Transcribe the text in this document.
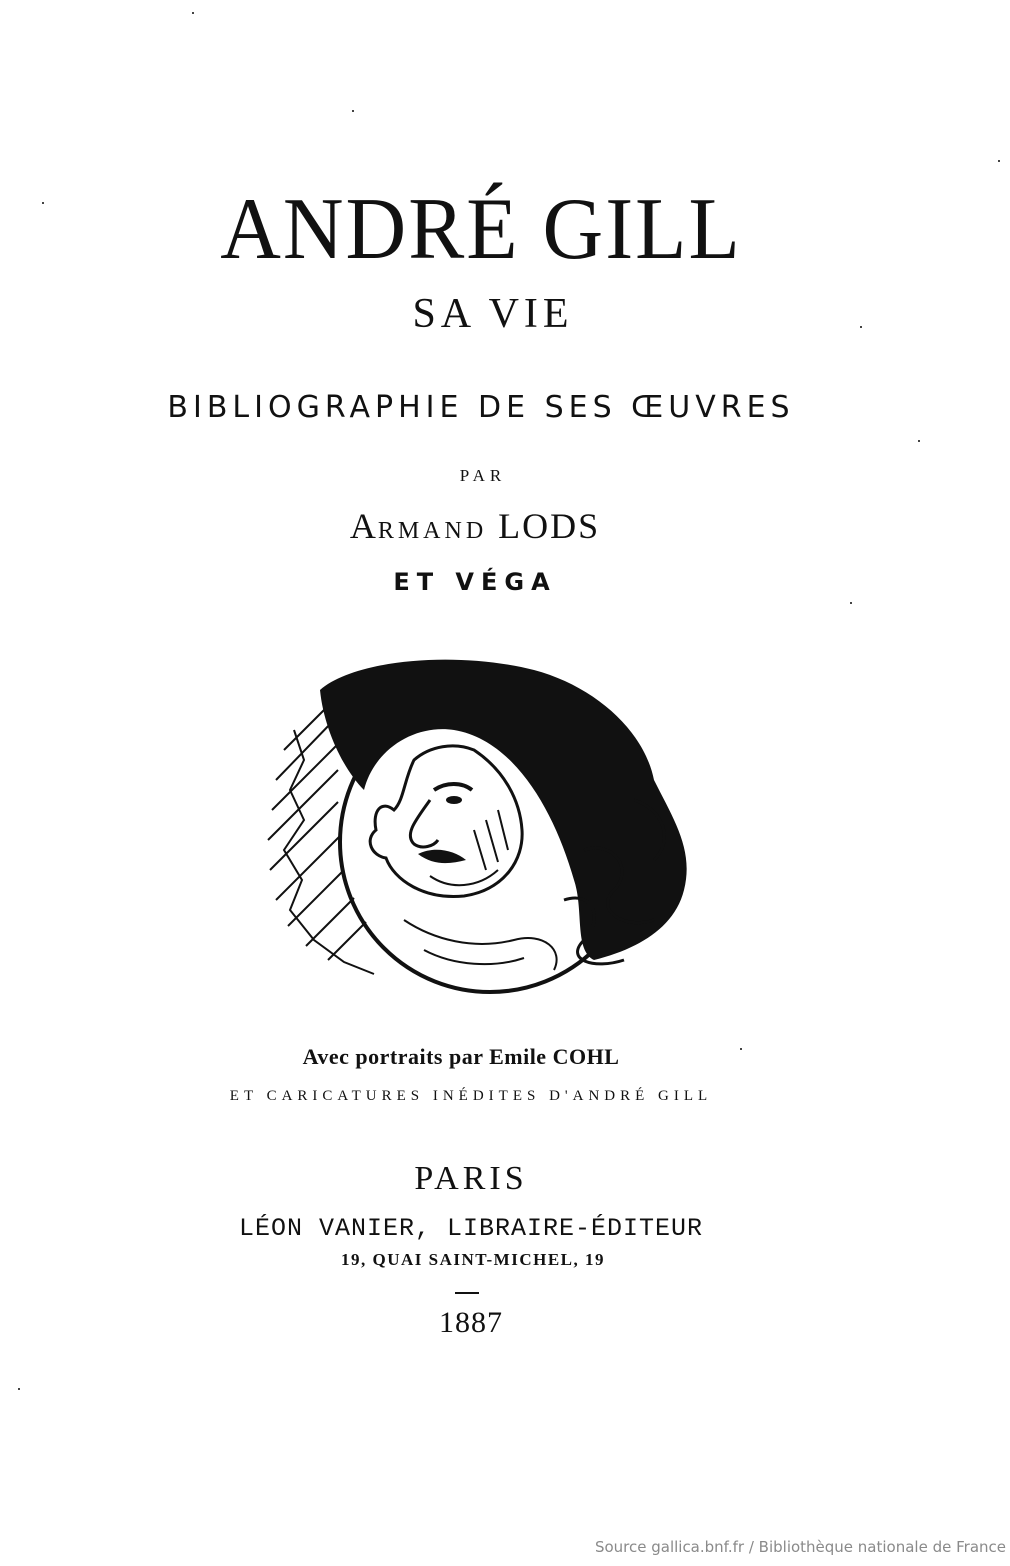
ANDRÉ GILL
SA VIE
BIBLIOGRAPHIE DE SES ŒUVRES
PAR
ARMAND LODS
ET VÉGA
Avec portraits par Emile COHL
ET CARICATURES INÉDITES D'ANDRÉ GILL
PARIS
LÉON VANIER, LIBRAIRE-ÉDITEUR
19, QUAI SAINT-MICHEL, 19
1887
Source gallica.bnf.fr / Bibliothèque nationale de France
